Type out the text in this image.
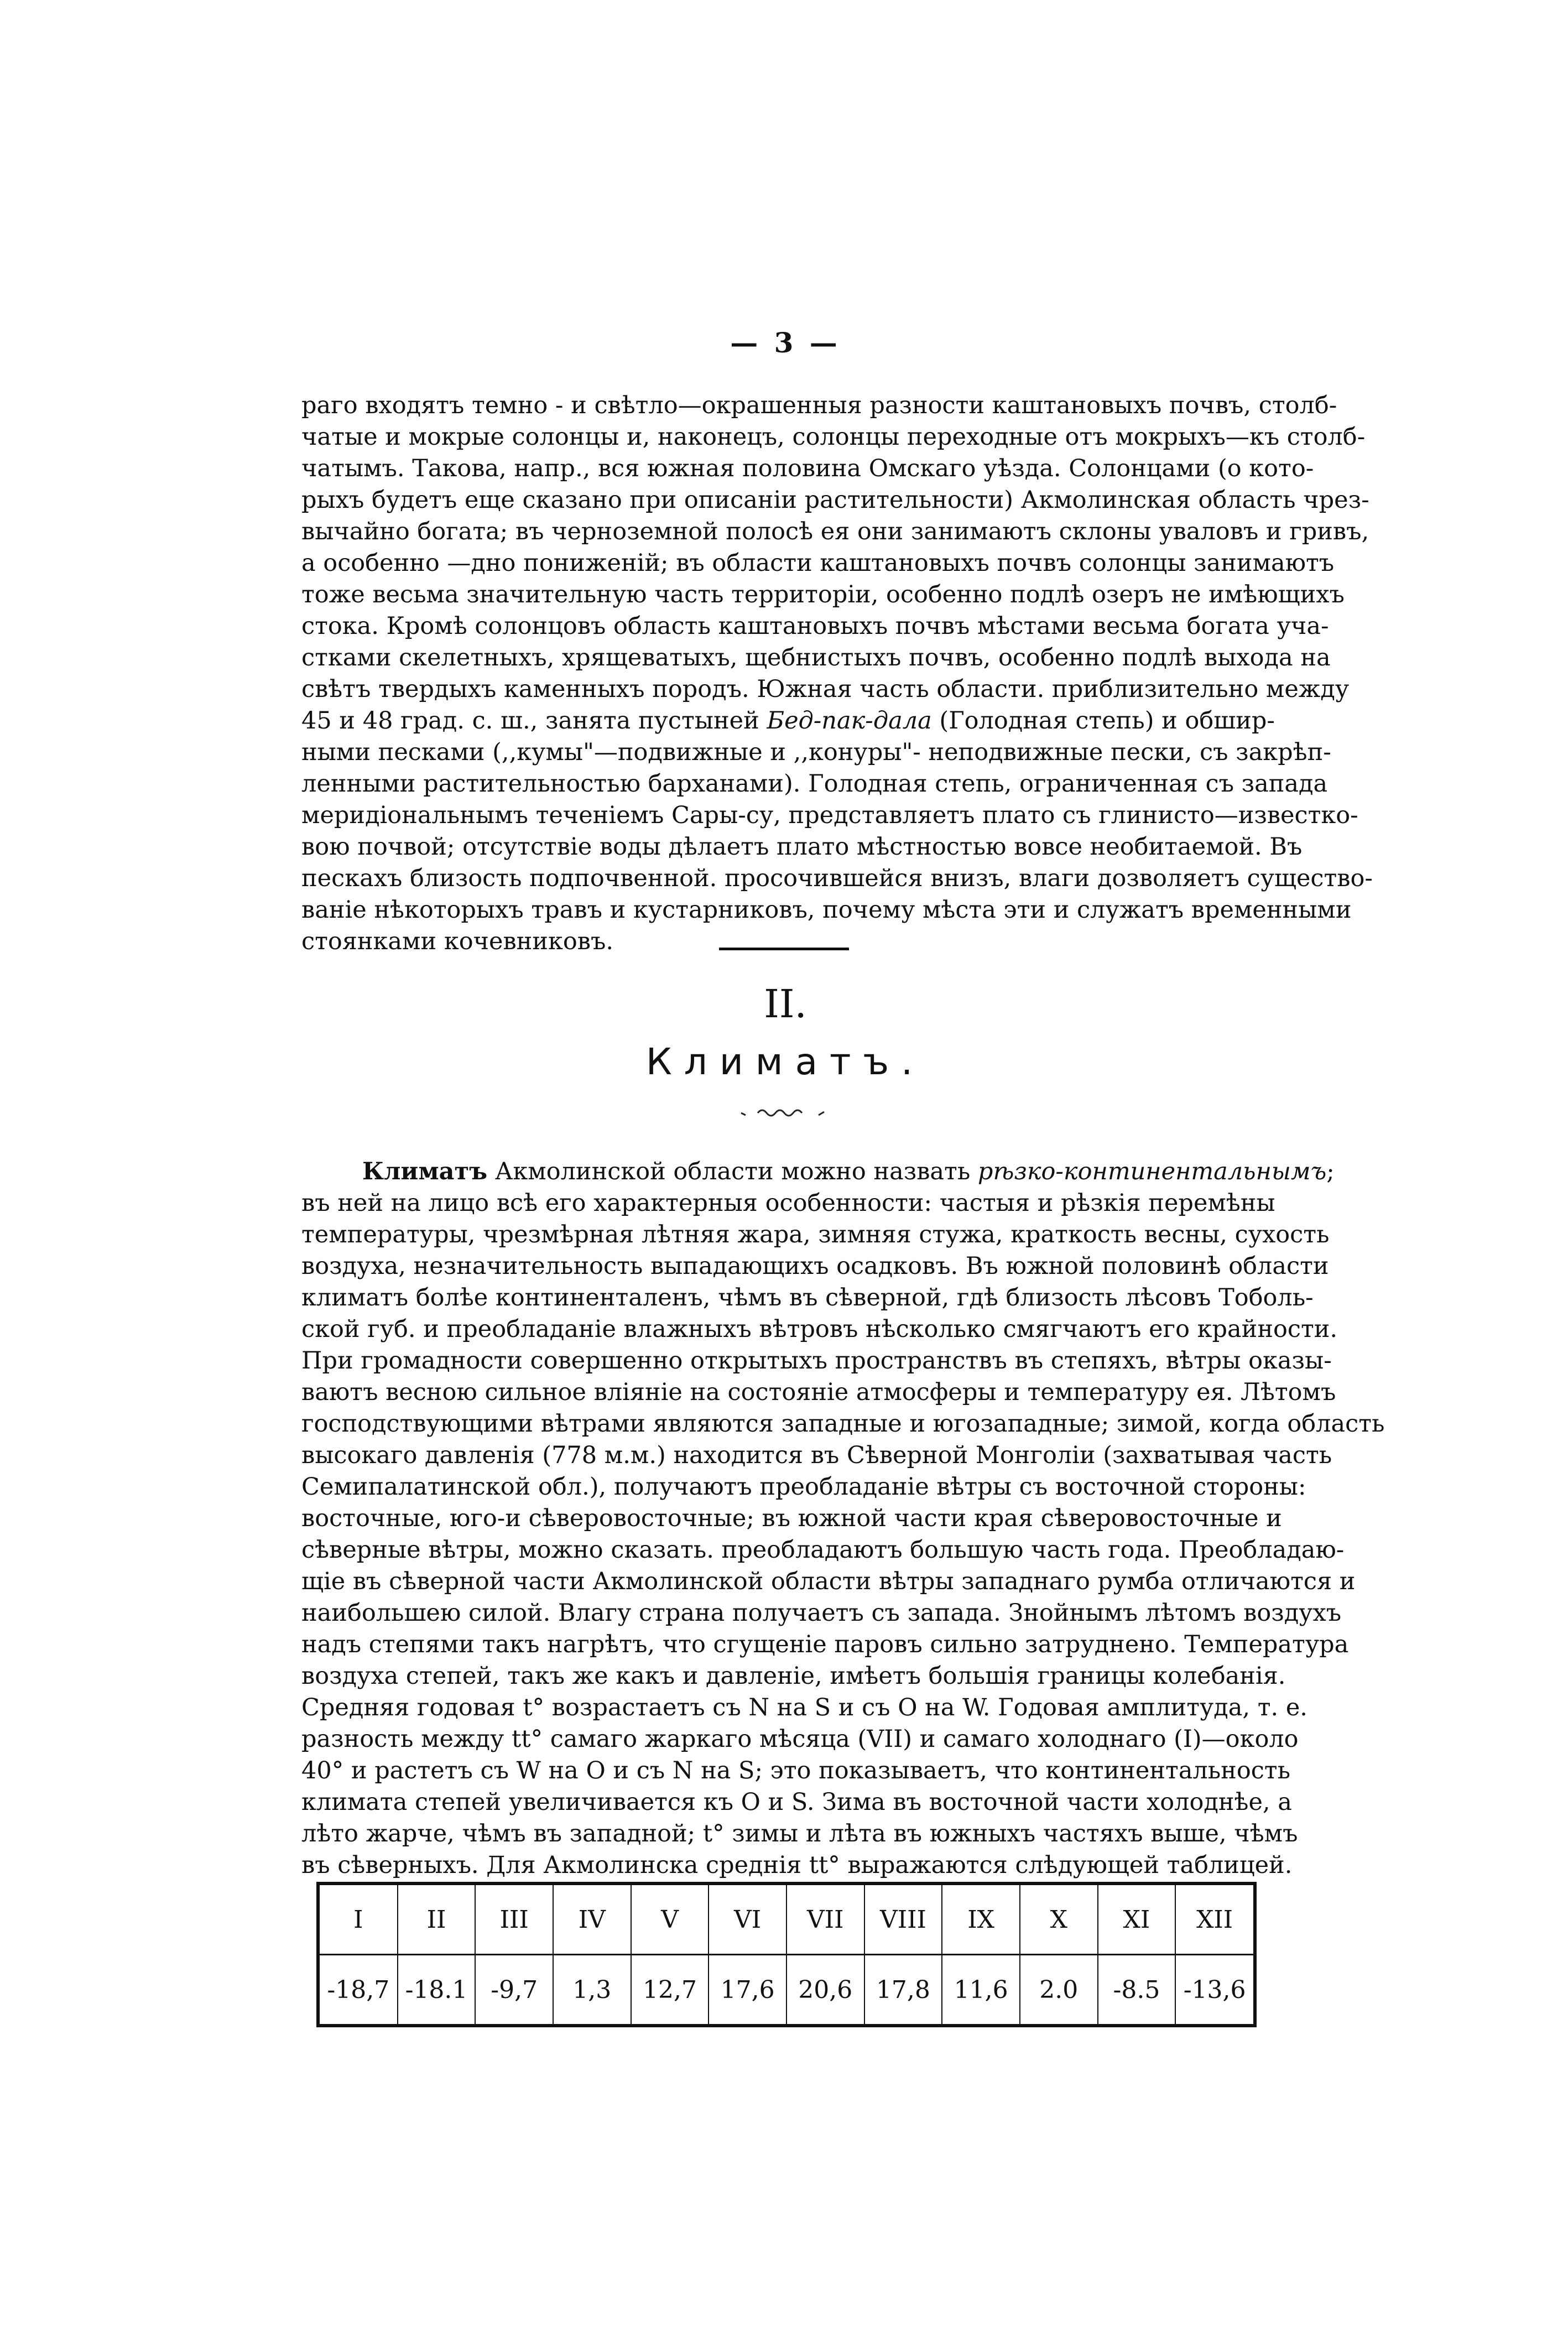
— 3 —
раго входятъ темно - и свѣтло—окрашенныя разности каштановыхъ почвъ, столб-
чатые и мокрые солонцы и, наконецъ, солонцы переходные отъ мокрыхъ—къ столб-
чатымъ. Такова, напр., вся южная половина Омскаго уѣзда. Солонцами (о кото-
рыхъ будетъ еще сказано при описаніи растительности) Акмолинская область чрез-
вычайно богата; въ черноземной полосѣ ея они занимаютъ склоны уваловъ и гривъ,
а особенно —дно пониженій; въ области каштановыхъ почвъ солонцы занимаютъ
тоже весьма значительную часть территоріи, особенно подлѣ озеръ не имѣющихъ
стока. Кромѣ солонцовъ область каштановыхъ почвъ мѣстами весьма богата уча-
стками скелетныхъ, хрящеватыхъ, щебнистыхъ почвъ, особенно подлѣ выхода на
свѣтъ твердыхъ каменныхъ породъ. Южная часть области. приблизительно между
45 и 48 град. с. ш., занята пустыней Бед-пак-дала (Голодная степь) и обшир-
ными песками (,,кумы"—подвижные и ,,конуры"- неподвижные пески, съ закрѣп-
ленными растительностью барханами). Голодная степь, ограниченная съ запада
меридіональнымъ теченіемъ Сары-су, представляетъ плато съ глинисто—известко-
вою почвой; отсутствіе воды дѣлаетъ плато мѣстностью вовсе необитаемой. Въ
пескахъ близость подпочвенной. просочившейся внизъ, влаги дозволяетъ существо-
ваніе нѣкоторыхъ травъ и кустарниковъ, почему мѣста эти и служатъ временными
стоянками кочевниковъ.
II.
Климатъ.
Климатъ Акмолинской области можно назвать рѣзко-континентальнымъ;
въ ней на лицо всѣ его характерныя особенности: частыя и рѣзкія перемѣны
температуры, чрезмѣрная лѣтняя жара, зимняя стужа, краткость весны, сухость
воздуха, незначительность выпадающихъ осадковъ. Въ южной половинѣ области
климатъ болѣе континенталенъ, чѣмъ въ сѣверной, гдѣ близость лѣсовъ Тоболь-
ской губ. и преобладаніе влажныхъ вѣтровъ нѣсколько смягчаютъ его крайности.
При громадности совершенно открытыхъ пространствъ въ степяхъ, вѣтры оказы-
ваютъ весною сильное вліяніе на состояніе атмосферы и температуру ея. Лѣтомъ
господствующими вѣтрами являются западные и югозападные; зимой, когда область
высокаго давленія (778 м.м.) находится въ Сѣверной Монголіи (захватывая часть
Семипалатинской обл.), получаютъ преобладаніе вѣтры съ восточной стороны:
восточные, юго-и сѣверовосточные; въ южной части края сѣверовосточные и
сѣверные вѣтры, можно сказать. преобладаютъ большую часть года. Преобладаю-
щіе въ сѣверной части Акмолинской области вѣтры западнаго румба отличаются и
наибольшею силой. Влагу страна получаетъ съ запада. Знойнымъ лѣтомъ воздухъ
надъ степями такъ нагрѣтъ, что сгущеніе паровъ сильно затруднено. Температура
воздуха степей, такъ же какъ и давленіе, имѣетъ большія границы колебанія.
Средняя годовая t° возрастаетъ съ N на S и съ O на W. Годовая амплитуда, т. е.
разность между tt° самаго жаркаго мѣсяца (VII) и самаго холоднаго (I)—около
40° и растетъ съ W на O и съ N на S; это показываетъ, что континентальность
климата степей увеличивается къ O и S. Зима въ восточной части холоднѣе, а
лѣто жарче, чѣмъ въ западной; t° зимы и лѣта въ южныхъ частяхъ выше, чѣмъ
въ сѣверныхъ. Для Акмолинска среднія tt° выражаются слѣдующей таблицей.
I	II	III	IV	V	VI	VII	VIII	IX	X	XI	XII
-18,7	-18.1	-9,7	1,3	12,7	17,6	20,6	17,8	11,6	2.0	-8.5	-13,6
